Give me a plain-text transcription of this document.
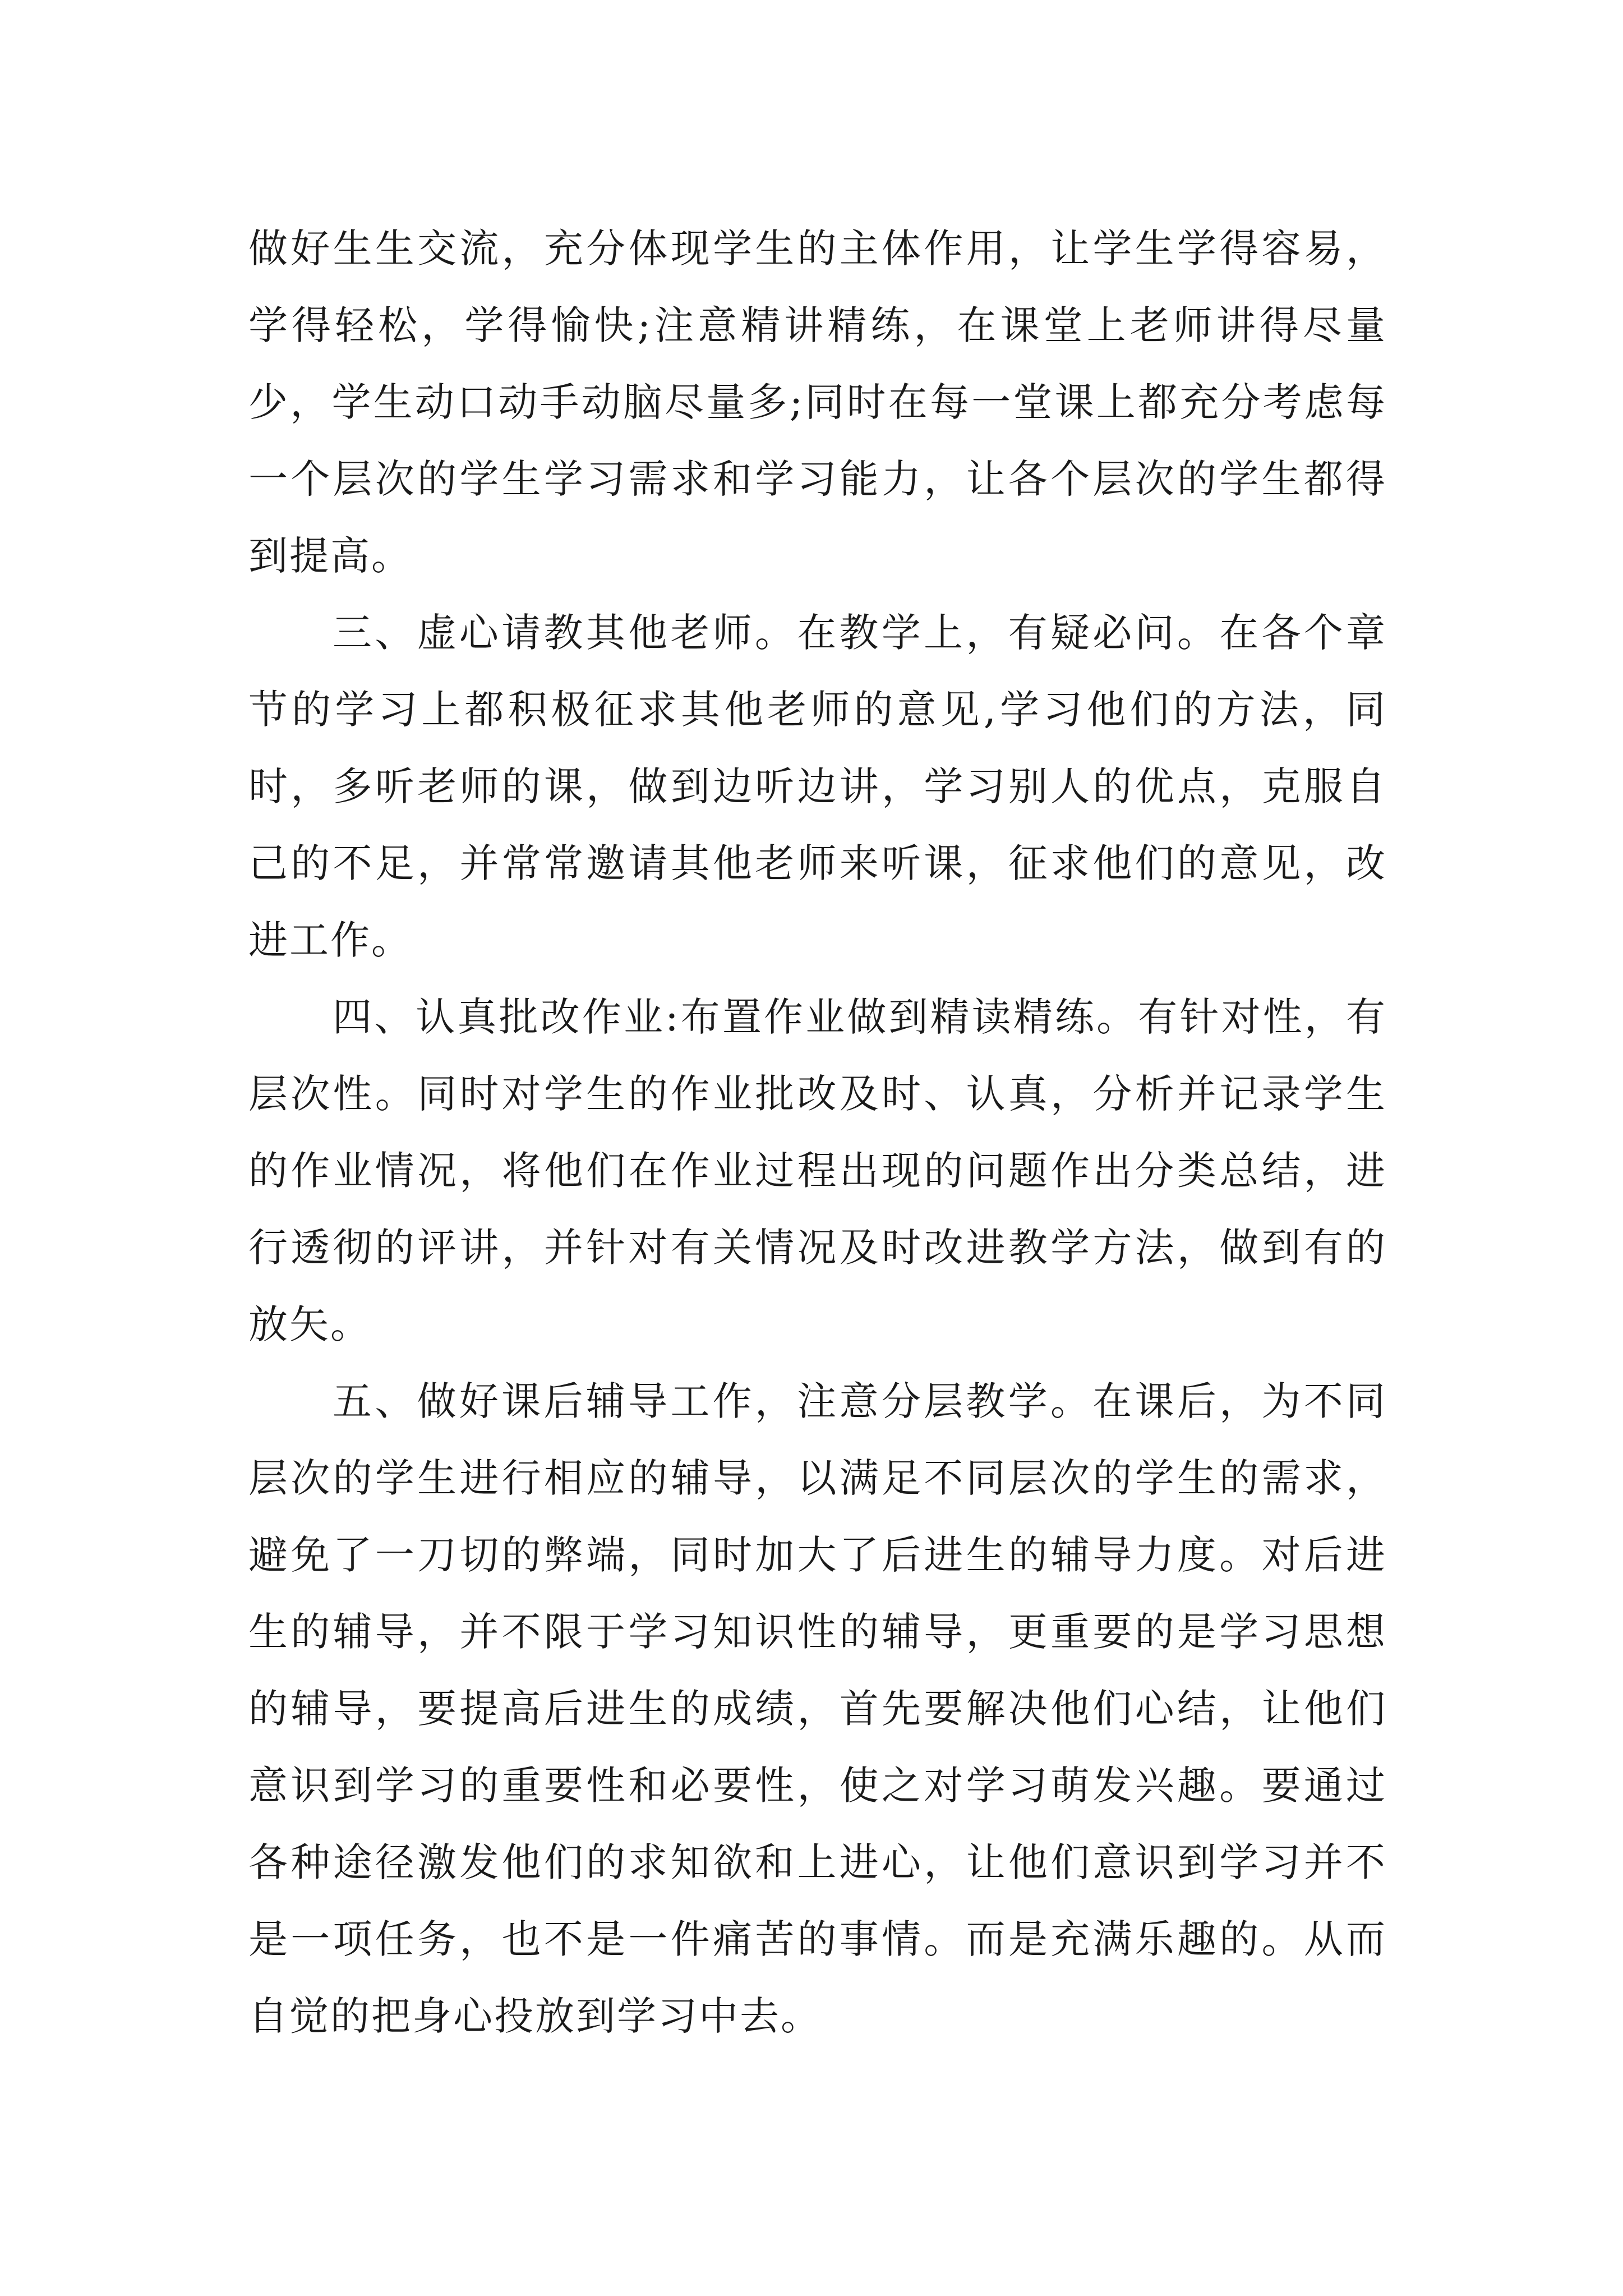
做好生生交流，充分体现学生的主体作用，让学生学得容易，学得轻松，学得愉快;注意精讲精练，在课堂上老师讲得尽量少，学生动口动手动脑尽量多;同时在每一堂课上都充分考虑每一个层次的学生学习需求和学习能力，让各个层次的学生都得到提高。

三、虚心请教其他老师。在教学上，有疑必问。在各个章节的学习上都积极征求其他老师的意见,学习他们的方法，同时，多听老师的课，做到边听边讲，学习别人的优点，克服自己的不足，并常常邀请其他老师来听课，征求他们的意见，改进工作。

四、认真批改作业:布置作业做到精读精练。有针对性，有层次性。同时对学生的作业批改及时、认真，分析并记录学生的作业情况，将他们在作业过程出现的问题作出分类总结，进行透彻的评讲，并针对有关情况及时改进教学方法，做到有的放矢。

五、做好课后辅导工作，注意分层教学。在课后，为不同层次的学生进行相应的辅导，以满足不同层次的学生的需求，避免了一刀切的弊端，同时加大了后进生的辅导力度。对后进生的辅导，并不限于学习知识性的辅导，更重要的是学习思想的辅导，要提高后进生的成绩，首先要解决他们心结，让他们意识到学习的重要性和必要性，使之对学习萌发兴趣。要通过各种途径激发他们的求知欲和上进心，让他们意识到学习并不是一项任务，也不是一件痛苦的事情。而是充满乐趣的。从而自觉的把身心投放到学习中去。
